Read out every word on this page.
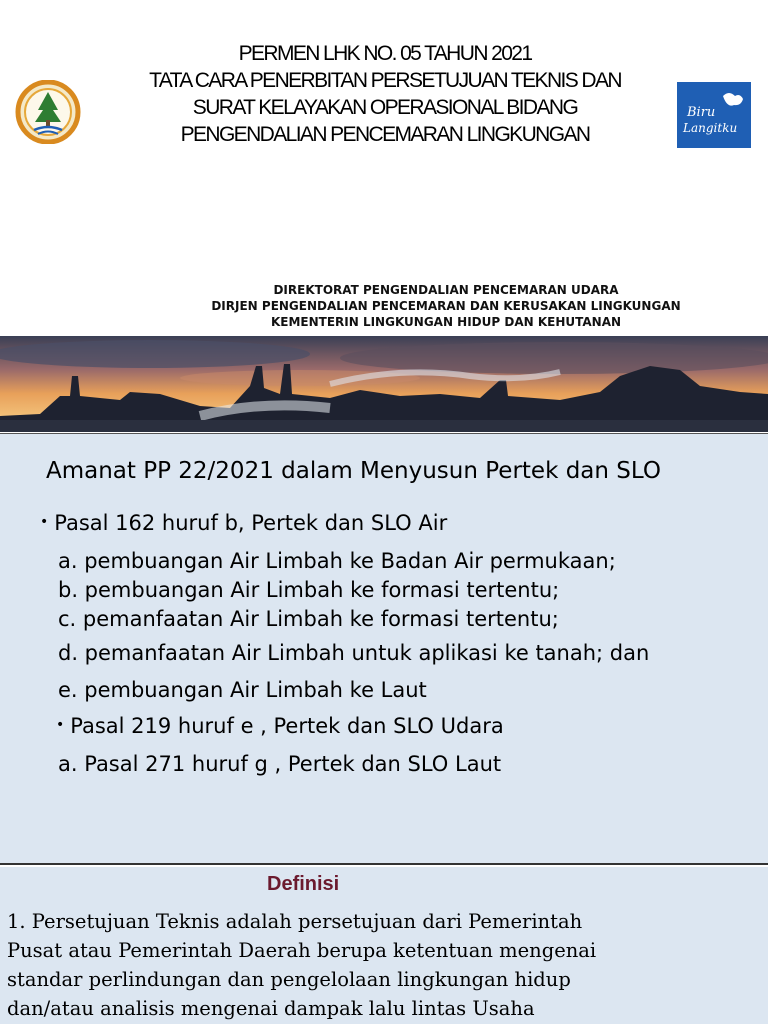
PERMEN LHK NO. 05 TAHUN 2021
TATA CARA PENERBITAN PERSETUJUAN TEKNIS DAN
SURAT KELAYAKAN OPERASIONAL BIDANG
PENGENDALIAN PENCEMARAN LINGKUNGAN
Biru
Langitku
DIREKTORAT PENGENDALIAN PENCEMARAN UDARA
DIRJEN PENGENDALIAN PENCEMARAN DAN KERUSAKAN LINGKUNGAN
KEMENTERIN LINGKUNGAN HIDUP DAN KEHUTANAN
Amanat PP 22/2021 dalam Menyusun Pertek dan SLO
• Pasal 162 huruf b, Pertek dan SLO Air
a. pembuangan Air Limbah ke Badan Air permukaan;
b. pembuangan Air Limbah ke formasi tertentu;
c. pemanfaatan Air Limbah ke formasi tertentu;
d. pemanfaatan Air Limbah untuk aplikasi ke tanah; dan
e. pembuangan Air Limbah ke Laut
• Pasal 219 huruf e , Pertek dan SLO Udara
a. Pasal 271 huruf g , Pertek dan SLO Laut
Definisi
1. Persetujuan Teknis adalah persetujuan dari Pemerintah
Pusat atau Pemerintah Daerah berupa ketentuan mengenai
standar perlindungan dan pengelolaan lingkungan hidup
dan/atau analisis mengenai dampak lalu lintas Usaha
